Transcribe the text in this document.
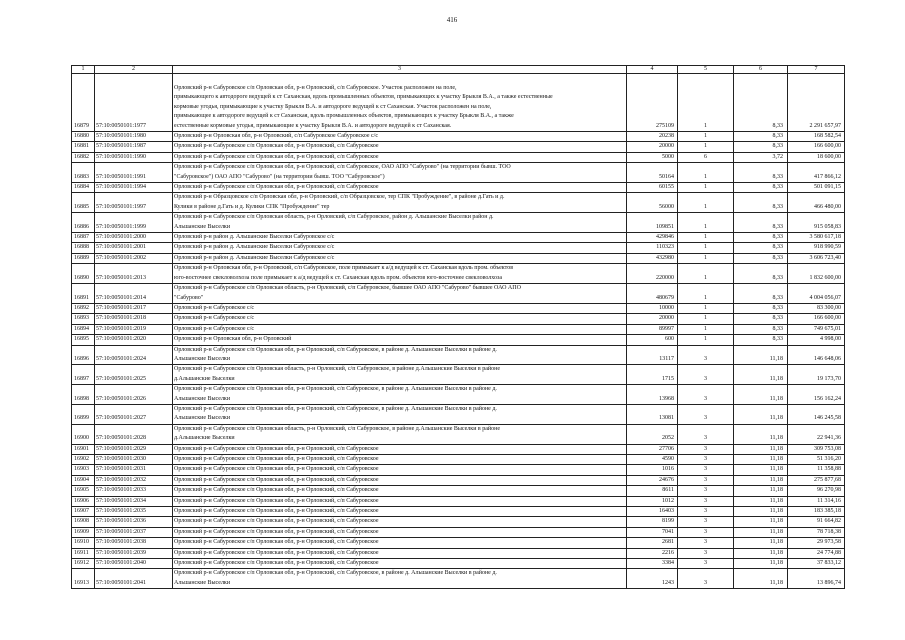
416
1	2	3	4	5	6	7
16879	57:10:0050101:1977	Орловский р-н Сабуровское с/п Орловская обл, р-н Орловский, с/п Сабуровское. Участок расположен на поле,
примыкающего к автодороге ведущей к ст Саханская, вдоль промышленных объектов, примыкающих к участку Брыкля В.А., а также естественные
кормовые угодья, примыкающие к участку Брыкля В.А. и автодороге ведущей к ст Саханская. Участок расположен на поле,
примыкающее к автодороге ведущей к ст Саханская, вдоль промышленных объектов, примыкающих к участку Брыкля В.А., а также
естественные кормовые угодья, примыкающие к участку Брыкля В.А. и автодороге ведущей к ст Саханская.	275109	1	8,33	2 291 657,97
16880	57:10:0050101:1980	Орловский р-н Орловская обл, р-н Орловский, с/п Сабуровское Сабуровское с/с	20238	1	8,33	168 582,54
16881	57:10:0050101:1987	Орловский р-н Сабуровское с/п Орловская обл, р-н Орловский, с/п Сабуровское	20000	1	8,33	166 600,00
16882	57:10:0050101:1990	Орловский р-н Сабуровское с/п Орловская обл, р-н Орловский, с/п Сабуровское	5000	6	3,72	18 600,00
16883	57:10:0050101:1991	Орловский р-н Сабуровское с/п Орловская обл, р-н Орловский, с/п Сабуровское, ОАО АПО "Сабурово" (на территории бывш. ТОО
"Сабуровское") ОАО АПО "Сабурово" (на территории бывш. ТОО "Сабуровское")	50164	1	8,33	417 866,12
16884	57:10:0050101:1994	Орловский р-н Сабуровское с/п Орловская обл, р-н Орловский, с/п Сабуровское	60155	1	8,33	501 091,15
16885	57:10:0050101:1997	Орловский р-н Образцовское с/п Орловская обл, р-н Орловский, с/п Образцовское, тер СПК "Пробуждение", в районе д.Гать и д.
Кулики в районе д.Гать и д. Кулики СПК "Пробуждение" тер	56000	1	8,33	466 480,00
16886	57:10:0050101:1999	Орловский р-н Сабуровское с/п Орловская область, р-н Орловский, с/п Сабуровское, район д. Альшанские Выселки район д.
Альшанские Выселки	109851	1	8,33	915 058,83
16887	57:10:0050101:2000	Орловский р-н район д. Альшанские Выселки Сабуровское с/с	429846	1	8,33	3 580 617,18
16888	57:10:0050101:2001	Орловский р-н район д. Альшанские Выселки Сабуровское с/с	110323	1	8,33	918 990,59
16889	57:10:0050101:2002	Орловский р-н район д. Альшанские Выселки Сабуровское с/с	432980	1	8,33	3 606 723,40
16890	57:10:0050101:2013	Орловский р-н Орловская обл, р-н Орловский, с/п Сабуровское, поле примыкает к а/д ведущей к ст. Саханская вдоль пром. объектов
юго-восточнее свекловолхоза поле примыкает к а/д ведущей к ст. Саханская вдоль пром. объектов юго-восточнее свекловолхоза	220000	1	8,33	1 832 600,00
16891	57:10:0050101:2014	Орловский р-н Сабуровское с/п Орловская область, р-н Орловский, с/п Сабуровское, бывшее ОАО АПО "Сабурово" бывшее ОАО АПО
"Сабурово"	480679	1	8,33	4 004 056,07
16892	57:10:0050101:2017	Орловский р-н Сабуровское с/с	10000	1	8,33	83 300,00
16893	57:10:0050101:2018	Орловский р-н Сабуровское с/с	20000	1	8,33	166 600,00
16894	57:10:0050101:2019	Орловский р-н Сабуровское с/с	89997	1	8,33	749 675,01
16895	57:10:0050101:2020	Орловский р-н Орловская обл, р-н Орловский	600	1	8,33	4 998,00
16896	57:10:0050101:2024	Орловский р-н Сабуровское с/п Орловская обл, р-н Орловский, с/п Сабуровское, в районе д. Альшанские Выселки в районе д.
Альшанские Выселки	13117	3	11,18	146 648,06
16897	57:10:0050101:2025	Орловский р-н Сабуровское с/п Орловская область, р-н Орловский, с/п Сабуровское, в районе д.Альшанские Выселки в районе
д.Альшанские Выселки	1715	3	11,18	19 173,70
16898	57:10:0050101:2026	Орловский р-н Сабуровское с/п Орловская обл, р-н Орловский, с/п Сабуровское, в районе д. Альшанские Выселки в районе д.
Альшанские Выселки	13968	3	11,18	156 162,24
16899	57:10:0050101:2027	Орловский р-н Сабуровское с/п Орловская обл, р-н Орловский, с/п Сабуровское, в районе д. Альшанские Выселки в районе д.
Альшанские Выселки	13081	3	11,18	146 245,58
16900	57:10:0050101:2028	Орловский р-н Сабуровское с/п Орловская область, р-н Орловский, с/п Сабуровское, в районе д.Альшанские Выселки в районе
д.Альшанские Выселки	2052	3	11,18	22 941,36
16901	57:10:0050101:2029	Орловский р-н Сабуровское с/п Орловская обл, р-н Орловский, с/п Сабуровское	27706	3	11,18	309 753,08
16902	57:10:0050101:2030	Орловский р-н Сабуровское с/п Орловская обл, р-н Орловский, с/п Сабуровское	4590	3	11,18	51 316,20
16903	57:10:0050101:2031	Орловский р-н Сабуровское с/п Орловская обл, р-н Орловский, с/п Сабуровское	1016	3	11,18	11 358,88
16904	57:10:0050101:2032	Орловский р-н Сабуровское с/п Орловская обл, р-н Орловский, с/п Сабуровское	24676	3	11,18	275 877,68
16905	57:10:0050101:2033	Орловский р-н Сабуровское с/п Орловская обл, р-н Орловский, с/п Сабуровское	8611	3	11,18	96 270,98
16906	57:10:0050101:2034	Орловский р-н Сабуровское с/п Орловская обл, р-н Орловский, с/п Сабуровское	1012	3	11,18	11 314,16
16907	57:10:0050101:2035	Орловский р-н Сабуровское с/п Орловская обл, р-н Орловский, с/п Сабуровское	16403	3	11,18	183 385,18
16908	57:10:0050101:2036	Орловский р-н Сабуровское с/п Орловская обл, р-н Орловский, с/п Сабуровское	8199	3	11,18	91 664,82
16909	57:10:0050101:2037	Орловский р-н Сабуровское с/п Орловская обл, р-н Орловский, с/п Сабуровское	7041	3	11,18	78 718,38
16910	57:10:0050101:2038	Орловский р-н Сабуровское с/п Орловская обл, р-н Орловский, с/п Сабуровское	2681	3	11,18	29 973,58
16911	57:10:0050101:2039	Орловский р-н Сабуровское с/п Орловская обл, р-н Орловский, с/п Сабуровское	2216	3	11,18	24 774,88
16912	57:10:0050101:2040	Орловский р-н Сабуровское с/п Орловская обл, р-н Орловский, с/п Сабуровское	3384	3	11,18	37 833,12
16913	57:10:0050101:2041	Орловский р-н Сабуровское с/п Орловская обл, р-н Орловский, с/п Сабуровское, в районе д. Альшанские Выселки в районе д.
Альшанские Выселки	1243	3	11,18	13 896,74
